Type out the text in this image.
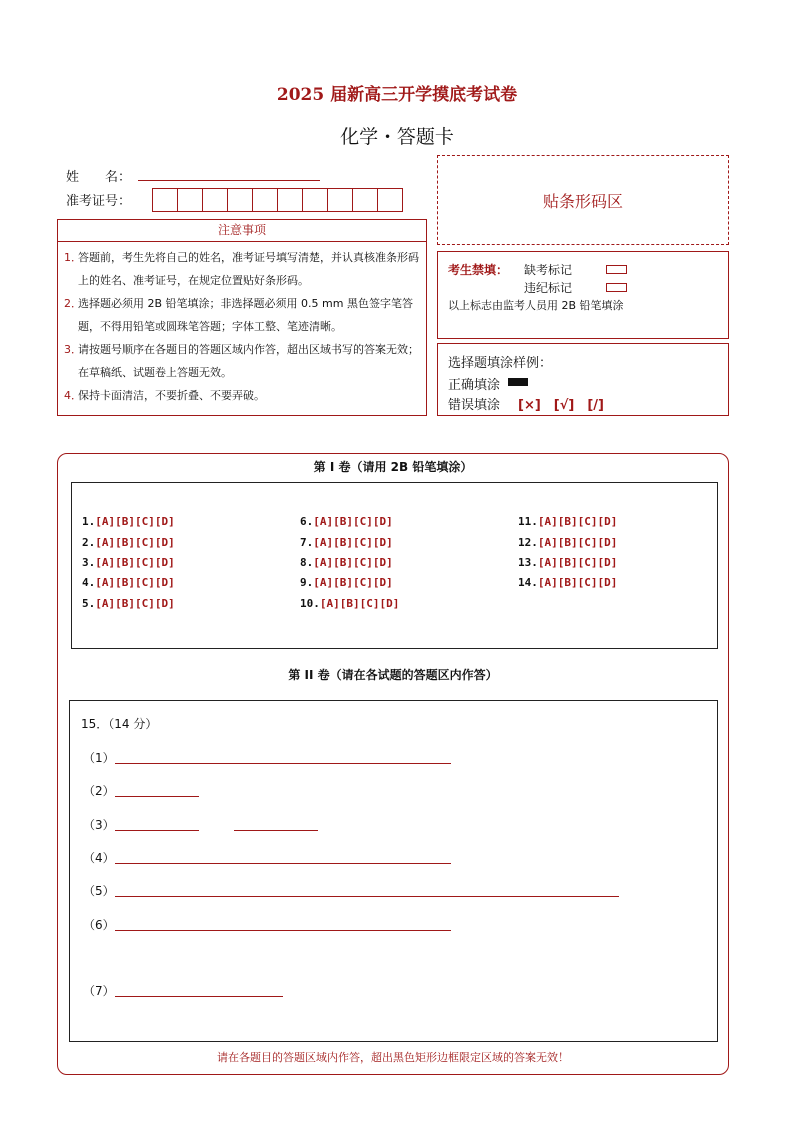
2025 届新高三开学摸底考试卷
化学 · 答题卡
姓　　名：
准考证号：	贴条形码区
注意事项
1．
答题前，考生先将自己的姓名，准考证号填写清楚，并认真核准条形码上的姓名、准考证号，在规定位置贴好条形码。
2．
选择题必须用 2B 铅笔填涂；非选择题必须用 0.5 mm 黑色签字笔答题，不得用铅笔或圆珠笔答题；字体工整、笔迹清晰。
3．
请按题号顺序在各题目的答题区域内作答，超出区域书写的答案无效；在草稿纸、试题卷上答题无效。
4．
保持卡面清洁，不要折叠、不要弄破。
考生禁填： 缺考标记
违纪标记
以上标志由监考人员用 2B 铅笔填涂
选择题填涂样例：
正确填涂
错误填涂 [×]　[√]　[/]
第 I 卷（请用 2B 铅笔填涂）
1.[A][B][C][D]
2.[A][B][C][D]
3.[A][B][C][D]
4.[A][B][C][D]
5.[A][B][C][D]
6.[A][B][C][D]
7.[A][B][C][D]
8.[A][B][C][D]
9.[A][B][C][D]
10.[A][B][C][D]
11.[A][B][C][D]
12.[A][B][C][D]
13.[A][B][C][D]
14.[A][B][C][D]
第 II 卷（请在各试题的答题区内作答）
15．（14 分）
（1）
（2）
（3）
（4）
（5）
（6）
（7）
请在各题目的答题区域内作答，超出黑色矩形边框限定区域的答案无效！
